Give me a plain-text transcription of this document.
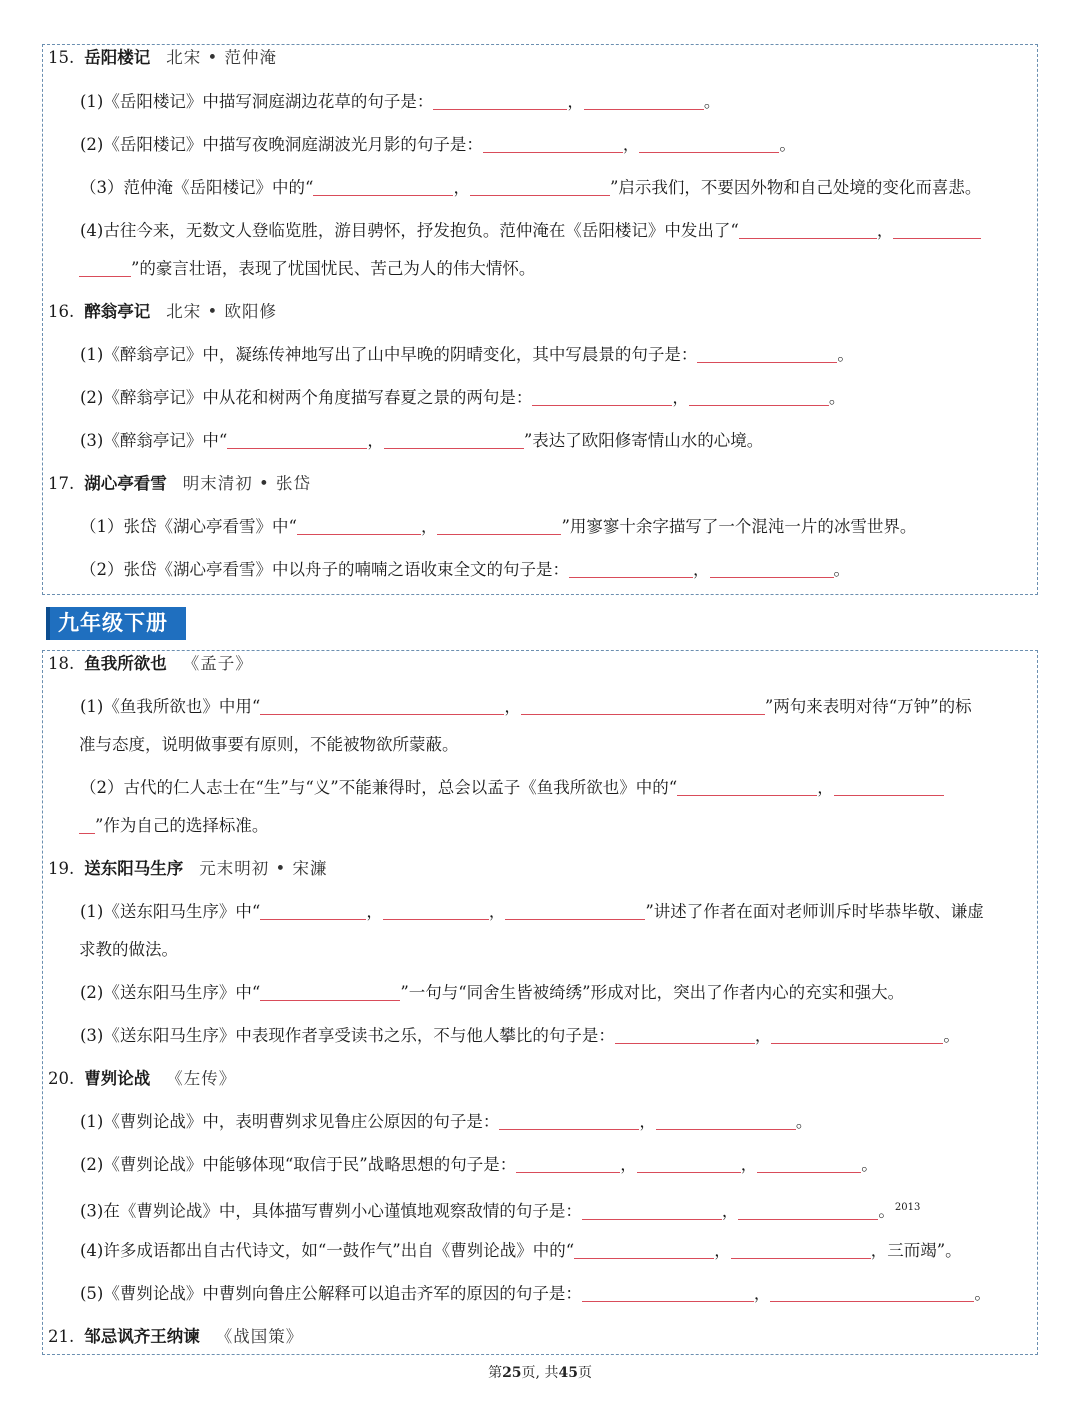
15. 岳阳楼记 北宋 • 范仲淹
(1)《岳阳楼记》中描写洞庭湖边花草的句子是：	，	。
(2)《岳阳楼记》中描写夜晚洞庭湖波光月影的句子是：	，	。
（3）范仲淹《岳阳楼记》中的“	，	”启示我们，不要因外物和自己处境的变化而喜悲。
(4)古往今来，无数文人登临览胜，游目骋怀，抒发抱负。范仲淹在《岳阳楼记》中发出了“	，
”的豪言壮语，表现了忧国忧民、苦己为人的伟大情怀。
16. 醉翁亭记 北宋 • 欧阳修
(1)《醉翁亭记》中，凝练传神地写出了山中早晚的阴晴变化，其中写晨景的句子是：	。
(2)《醉翁亭记》中从花和树两个角度描写春夏之景的两句是：	，	。
(3)《醉翁亭记》中“	，	”表达了欧阳修寄情山水的心境。
17. 湖心亭看雪 明末清初 • 张岱
（1）张岱《湖心亭看雪》中“	，	”用寥寥十余字描写了一个混沌一片的冰雪世界。
（2）张岱《湖心亭看雪》中以舟子的喃喃之语收束全文的句子是：	，	。
九年级下册
18. 鱼我所欲也 《孟子》
(1)《鱼我所欲也》中用“	，	”两句来表明对待“万钟”的标
准与态度，说明做事要有原则，不能被物欲所蒙蔽。
（2）古代的仁人志士在“生”与“义”不能兼得时，总会以孟子《鱼我所欲也》中的“	，
”作为自己的选择标准。
19. 送东阳马生序 元末明初 • 宋濂
(1)《送东阳马生序》中“	，	，	”讲述了作者在面对老师训斥时毕恭毕敬、谦虚
求教的做法。
(2)《送东阳马生序》中“	”一句与“同舍生皆被绮绣”形成对比，突出了作者内心的充实和强大。
(3)《送东阳马生序》中表现作者享受读书之乐，不与他人攀比的句子是：	，	。
20. 曹刿论战 《左传》
(1)《曹刿论战》中，表明曹刿求见鲁庄公原因的句子是：	，	。
(2)《曹刿论战》中能够体现“取信于民”战略思想的句子是：	，	，	。
(3)在《曹刿论战》中，具体描写曹刿小心谨慎地观察敌情的句子是：	，	。$^{2013}$
(4)许多成语都出自古代诗文，如“一鼓作气”出自《曹刿论战》中的“	，	，三而竭”。
(5)《曹刿论战》中曹刿向鲁庄公解释可以追击齐军的原因的句子是：	，	。
21. 邹忌讽齐王纳谏 《战国策》
第25页, 共45页
